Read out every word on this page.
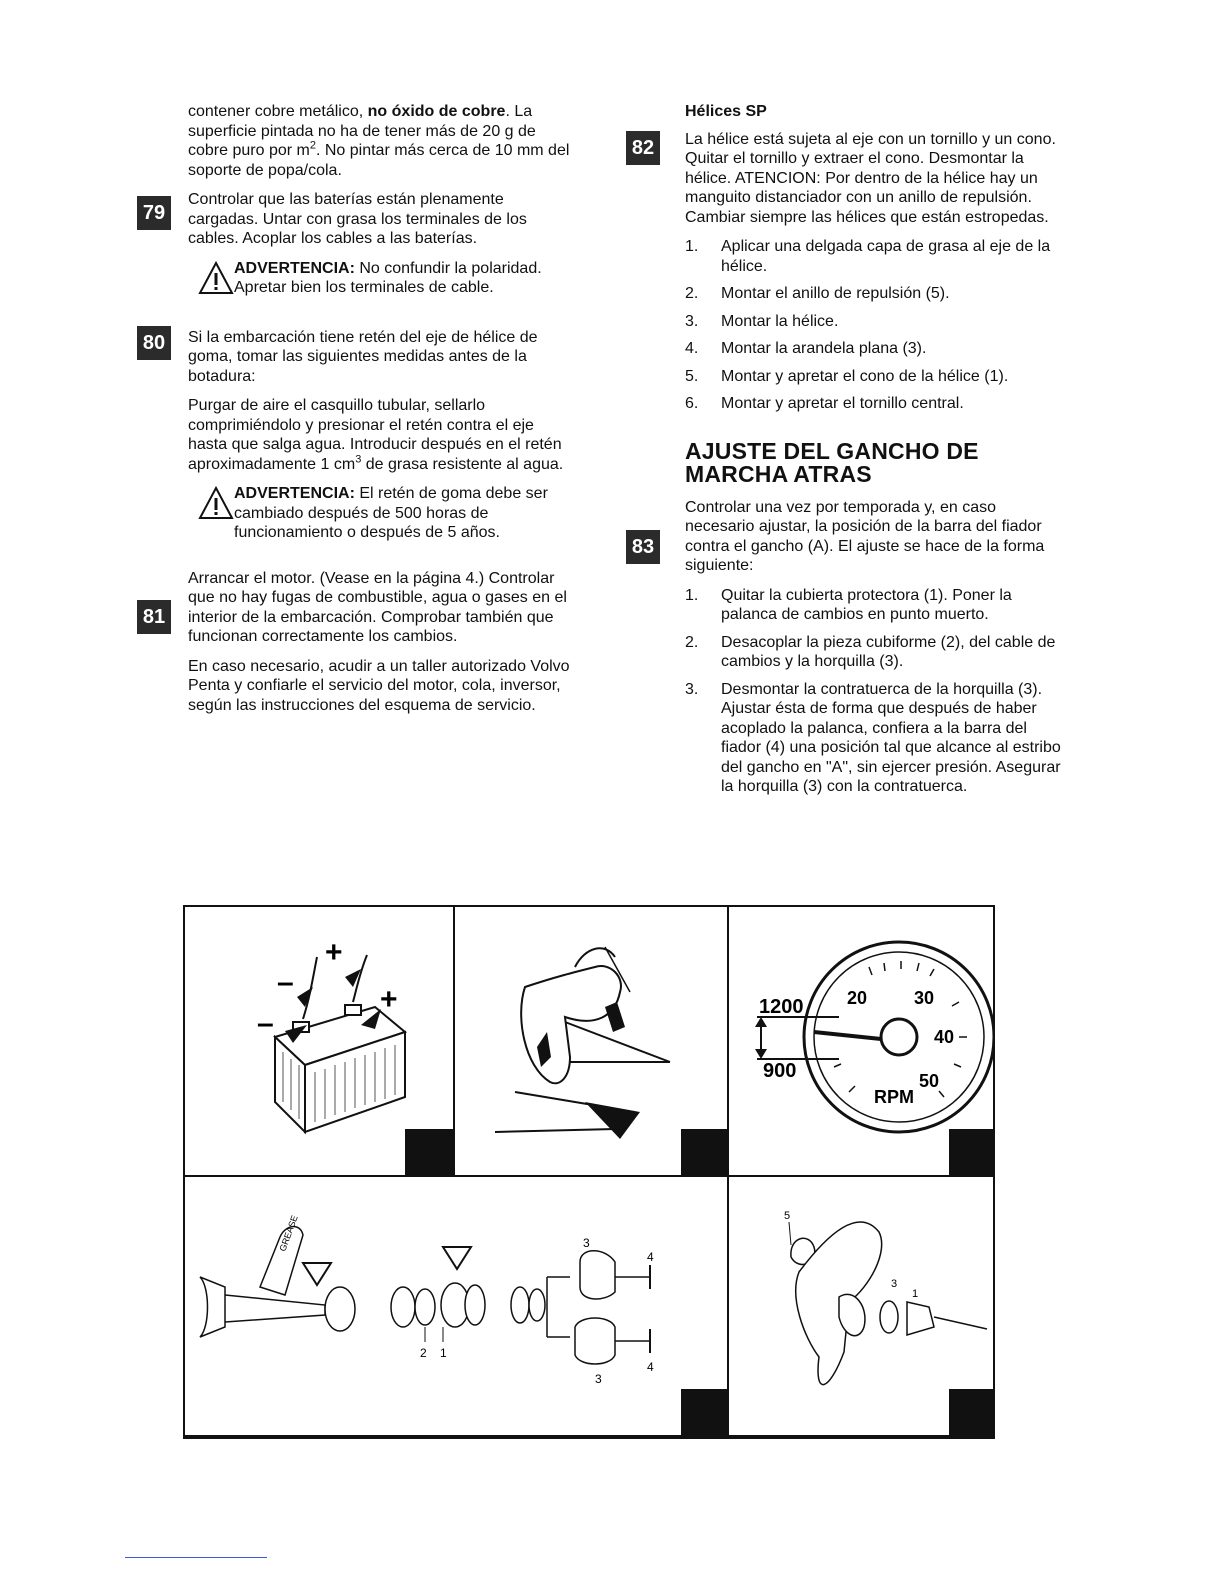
contener cobre metálico, no óxido de cobre. La superficie pintada no ha de tener más de 20 g de cobre puro por $m^2$. No pintar más cerca de 10 mm del soporte de popa/cola.

Controlar que las baterías están plenamente cargadas. Untar con grasa los terminales de los cables. Acoplar los cables a las baterías.

ADVERTENCIA: No confundir la polaridad. Apretar bien los terminales de cable.

Si la embarcación tiene retén del eje de hélice de goma, tomar las siguientes medidas antes de la botadura:

Purgar de aire el casquillo tubular, sellarlo comprimiéndolo y presionar el retén contra el eje hasta que salga agua. Introducir después en el retén aproximadamente 1 $cm^3$ de grasa resistente al agua.

ADVERTENCIA: El retén de goma debe ser cambiado después de 500 horas de funcionamiento o después de 5 años.

Arrancar el motor. (Vease en la página 4.) Controlar que no hay fugas de combustible, agua o gases en el interior de la embarcación. Comprobar también que funcionan correctamente los cambios.

En caso necesario, acudir a un taller autorizado Volvo Penta y confiarle el servicio del motor, cola, inversor, según las instrucciones del esquema de servicio.

79
80
81
Hélices SP

La hélice está sujeta al eje con un tornillo y un cono. Quitar el tornillo y extraer el cono. Desmontar la hélice. ATENCION: Por dentro de la hélice hay un manguito distanciador con un anillo de repulsión. Cambiar siempre las hélices que están estropedas.

1. Aplicar una delgada capa de grasa al eje de la hélice.
2. Montar el anillo de repulsión (5).
3. Montar la hélice.
4. Montar la arandela plana (3).
5. Montar y apretar el cono de la hélice (1).
6. Montar y apretar el tornillo central.
AJUSTE DEL GANCHO DE
MARCHA ATRAS

Controlar una vez por temporada y, en caso necesario ajustar, la posición de la barra del fiador contra el gancho (A). El ajuste se hace de la forma siguiente:

1. Quitar la cubierta protectora (1). Poner la palanca de cambios en punto muerto.
2. Desacoplar la pieza cubiforme (2), del cable de cambios y la horquilla (3).
3. Desmontar la contratuerca de la horquilla (3). Ajustar ésta de forma que después de haber acoplado la palanca, confiera a la barra del fiador (4) una posición tal que alcance al estribo del gancho en "A", sin ejercer presión. Asegurar la horquilla (3) con la contratuerca.
82
83
+
+
–
–
20	30
40
50
RPM
1200
900
GREASE
2 1
3
4
3
4
5
3
1
